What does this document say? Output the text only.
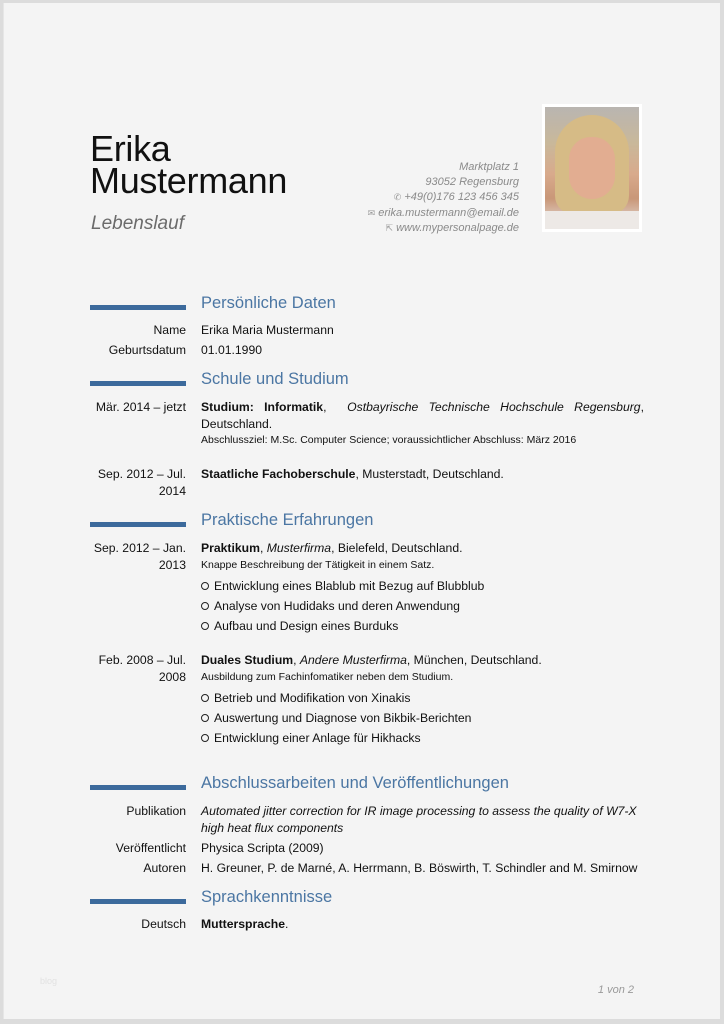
Erika
Mustermann
Lebenslauf
Marktplatz 1
93052 Regensburg
✆ +49(0)176 123 456 345
✉ erika.mustermann@email.de
⇱ www.mypersonalpage.de
Persönliche Daten
Name Erika Maria Mustermann
Geburtsdatum 01.01.1990
Schule und Studium
Mär. 2014 – jetzt Studium: Informatik,  Ostbayrische Technische Hochschule Regensburg, Deutschland.
Abschlussziel: M.Sc. Computer Science; voraussichtlicher Abschluss: März 2016
Sep. 2012 – Jul.
2014
Staatliche Fachoberschule, Musterstadt, Deutschland.
Praktische Erfahrungen
Sep. 2012 – Jan.
2013
Praktikum, Musterfirma, Bielefeld, Deutschland.
Knappe Beschreibung der Tätigkeit in einem Satz.
Entwicklung eines Blablub mit Bezug auf Blubblub
Analyse von Hudidaks und deren Anwendung
Aufbau und Design eines Burduks
Feb. 2008 – Jul.
2008
Duales Studium, Andere Musterfirma, München, Deutschland.
Ausbildung zum Fachinfomatiker neben dem Studium.
Betrieb und Modifikation von Xinakis
Auswertung und Diagnose von Bikbik-Berichten
Entwicklung einer Anlage für Hikhacks
Abschlussarbeiten und Veröffentlichungen
Publikation Automated jitter correction for IR image processing to assess the quality of W7-X high heat flux components
Veröffentlicht Physica Scripta (2009)
Autoren H. Greuner, P. de Marné, A. Herrmann, B. Böswirth, T. Schindler and M. Smirnow
Sprachkenntnisse
Deutsch Muttersprache.
blog
1 von 2
